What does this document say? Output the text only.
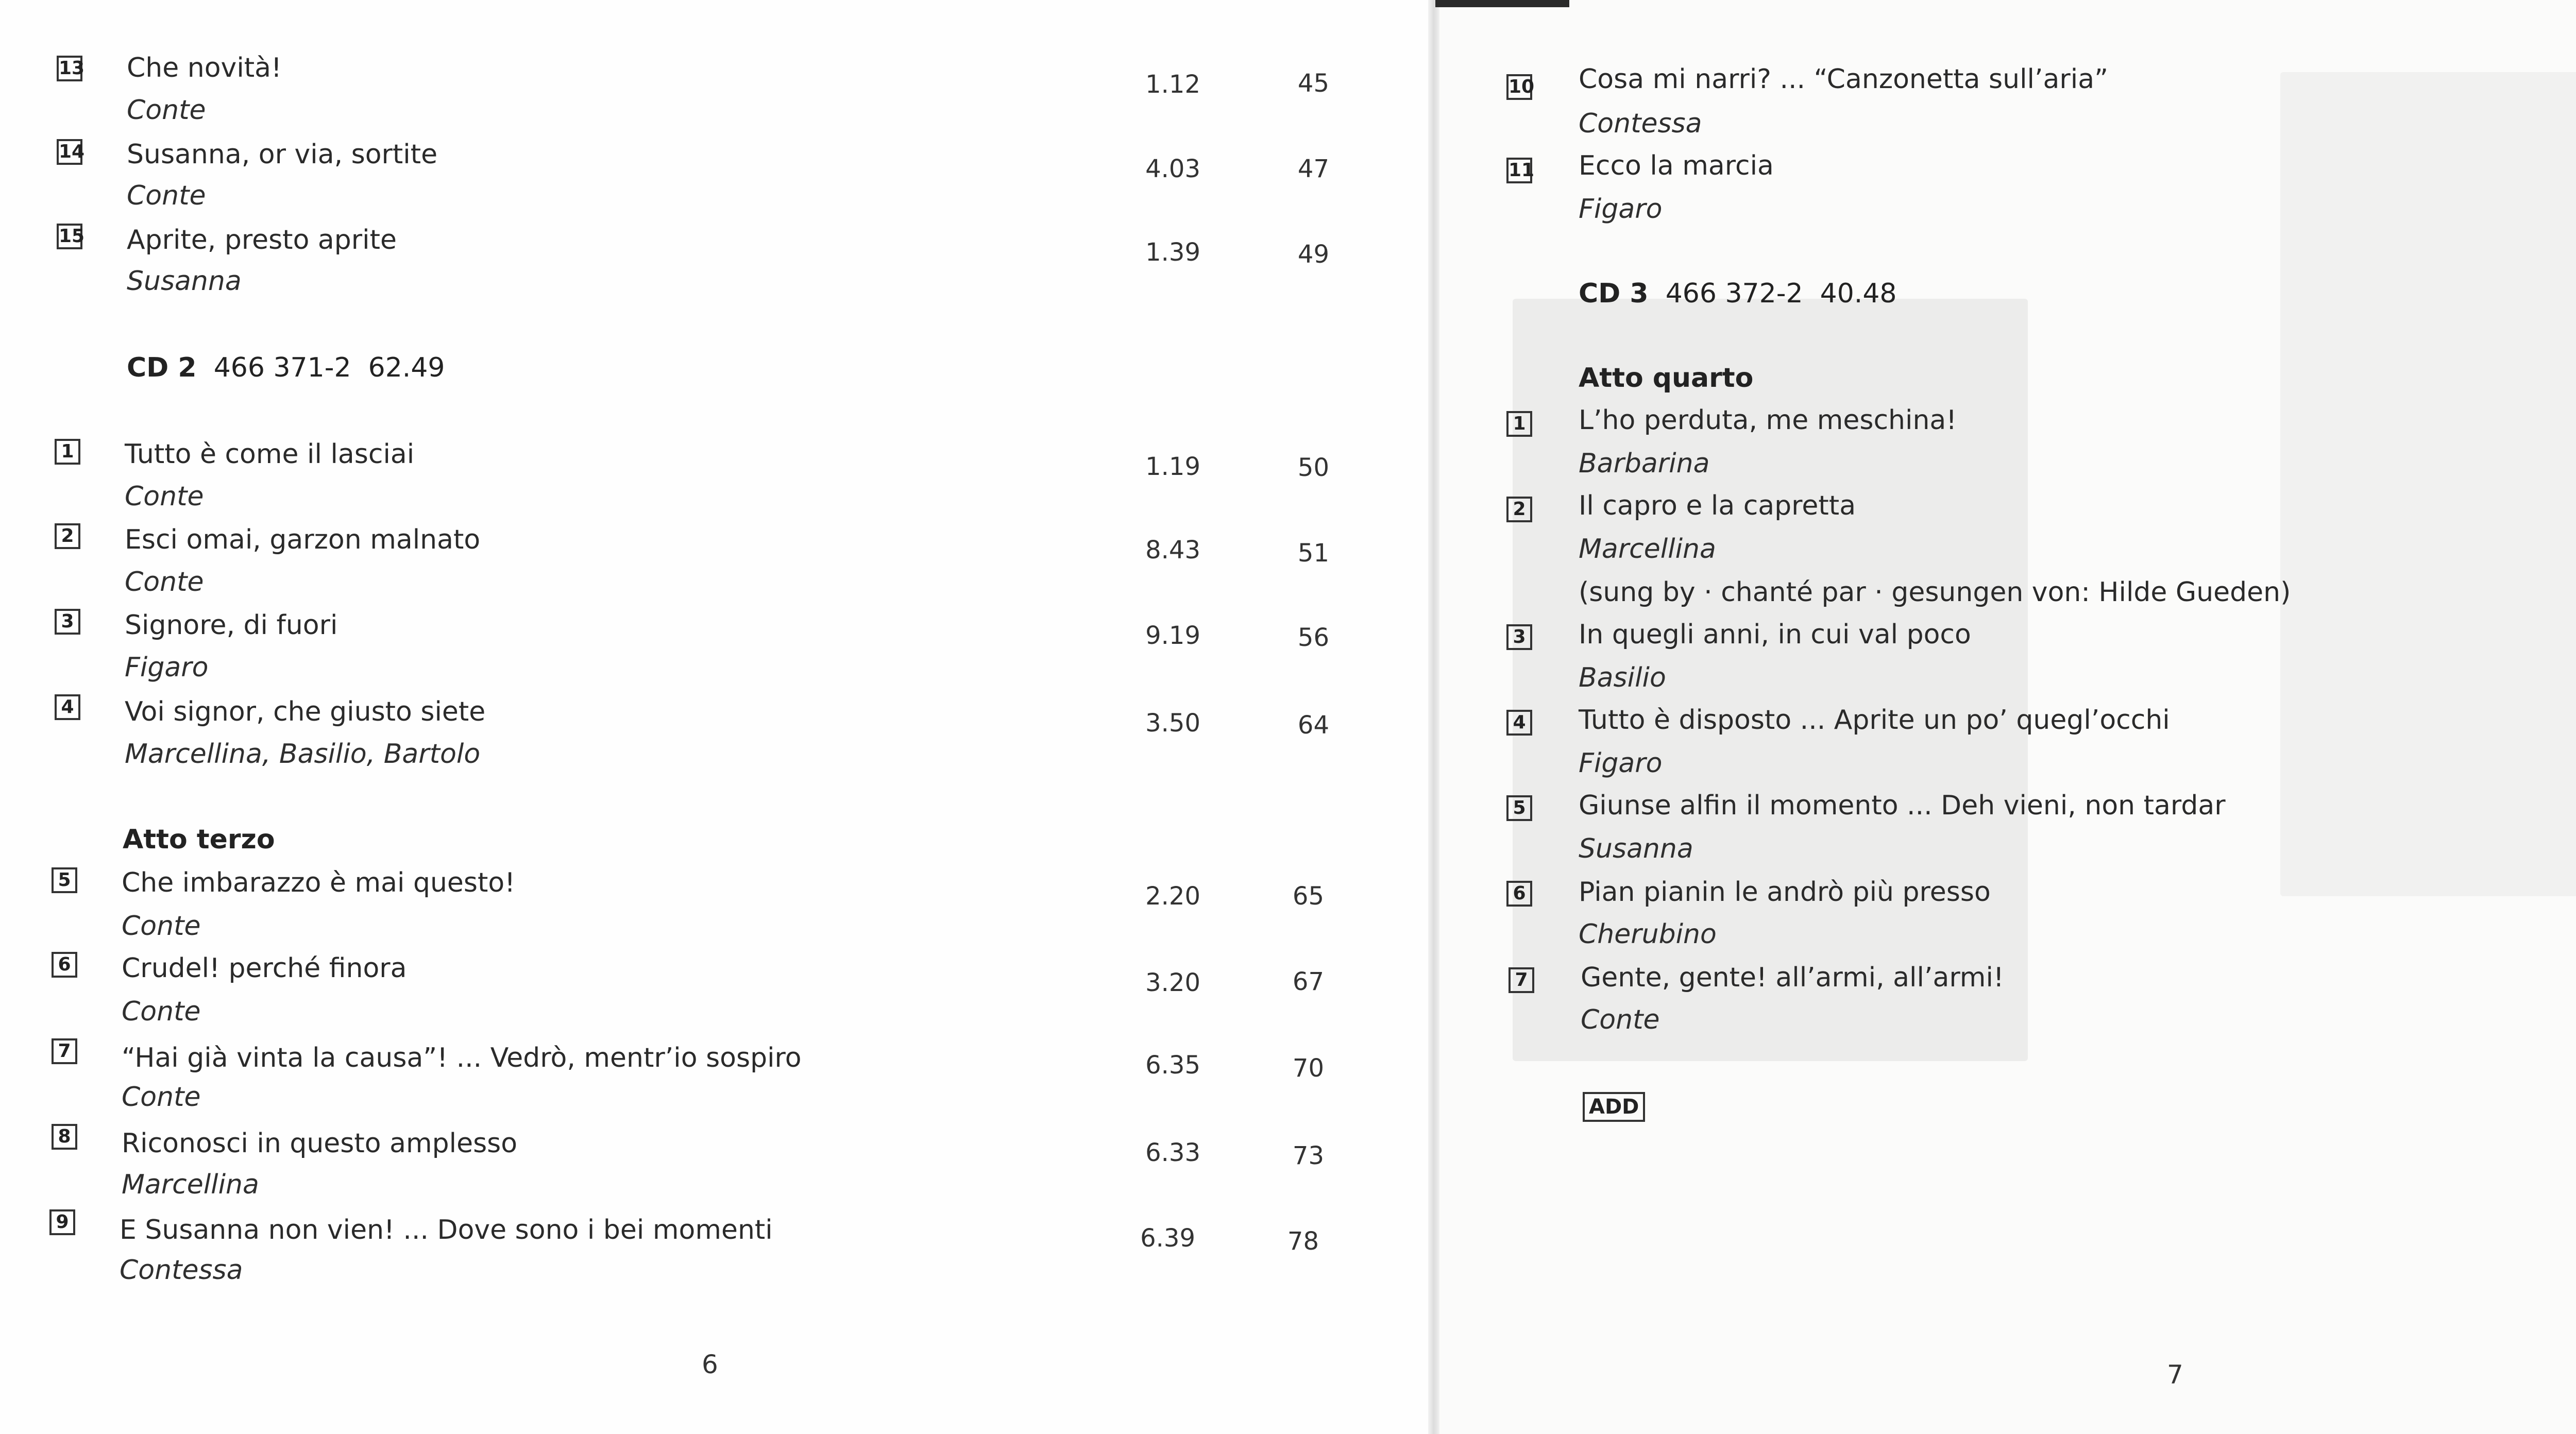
13 Che novità!
Conte
1.12	45
14 Susanna, or via, sortite
Conte
4.03	47
15 Aprite, presto aprite
Susanna
1.39	49
CD 2 466 371-2 62.49
1 Tutto è come il lasciai
Conte
1.19	50
2 Esci omai, garzon malnato
Conte
8.43	51
3 Signore, di fuori
Figaro
9.19	56
4 Voi signor, che giusto siete
Marcellina, Basilio, Bartolo
3.50	64
Atto terzo
5 Che imbarazzo è mai questo!
Conte
2.20	65
6 Crudel! perché finora
Conte
3.20	67
7 “Hai già vinta la causa”! ... Vedrò, mentr’io sospiro
Conte
6.35	70
8 Riconosci in questo amplesso
Marcellina
6.33	73
9 E Susanna non vien! ... Dove sono i bei momenti
Contessa
6.39	78
6
10 Cosa mi narri? ... “Canzonetta sull’aria”
Contessa
11 Ecco la marcia
Figaro
CD 3 466 372-2 40.48
Atto quarto
1 L’ho perduta, me meschina!
Barbarina
2 Il capro e la capretta
Marcellina
(sung by · chanté par · gesungen von: Hilde Gueden)
3 In quegli anni, in cui val poco
Basilio
4 Tutto è disposto ... Aprite un po’ quegl’occhi
Figaro
5 Giunse alfin il momento ... Deh vieni, non tardar
Susanna
6 Pian pianin le andrò più presso
Cherubino
7 Gente, gente! all’armi, all’armi!
Conte
ADD
7
